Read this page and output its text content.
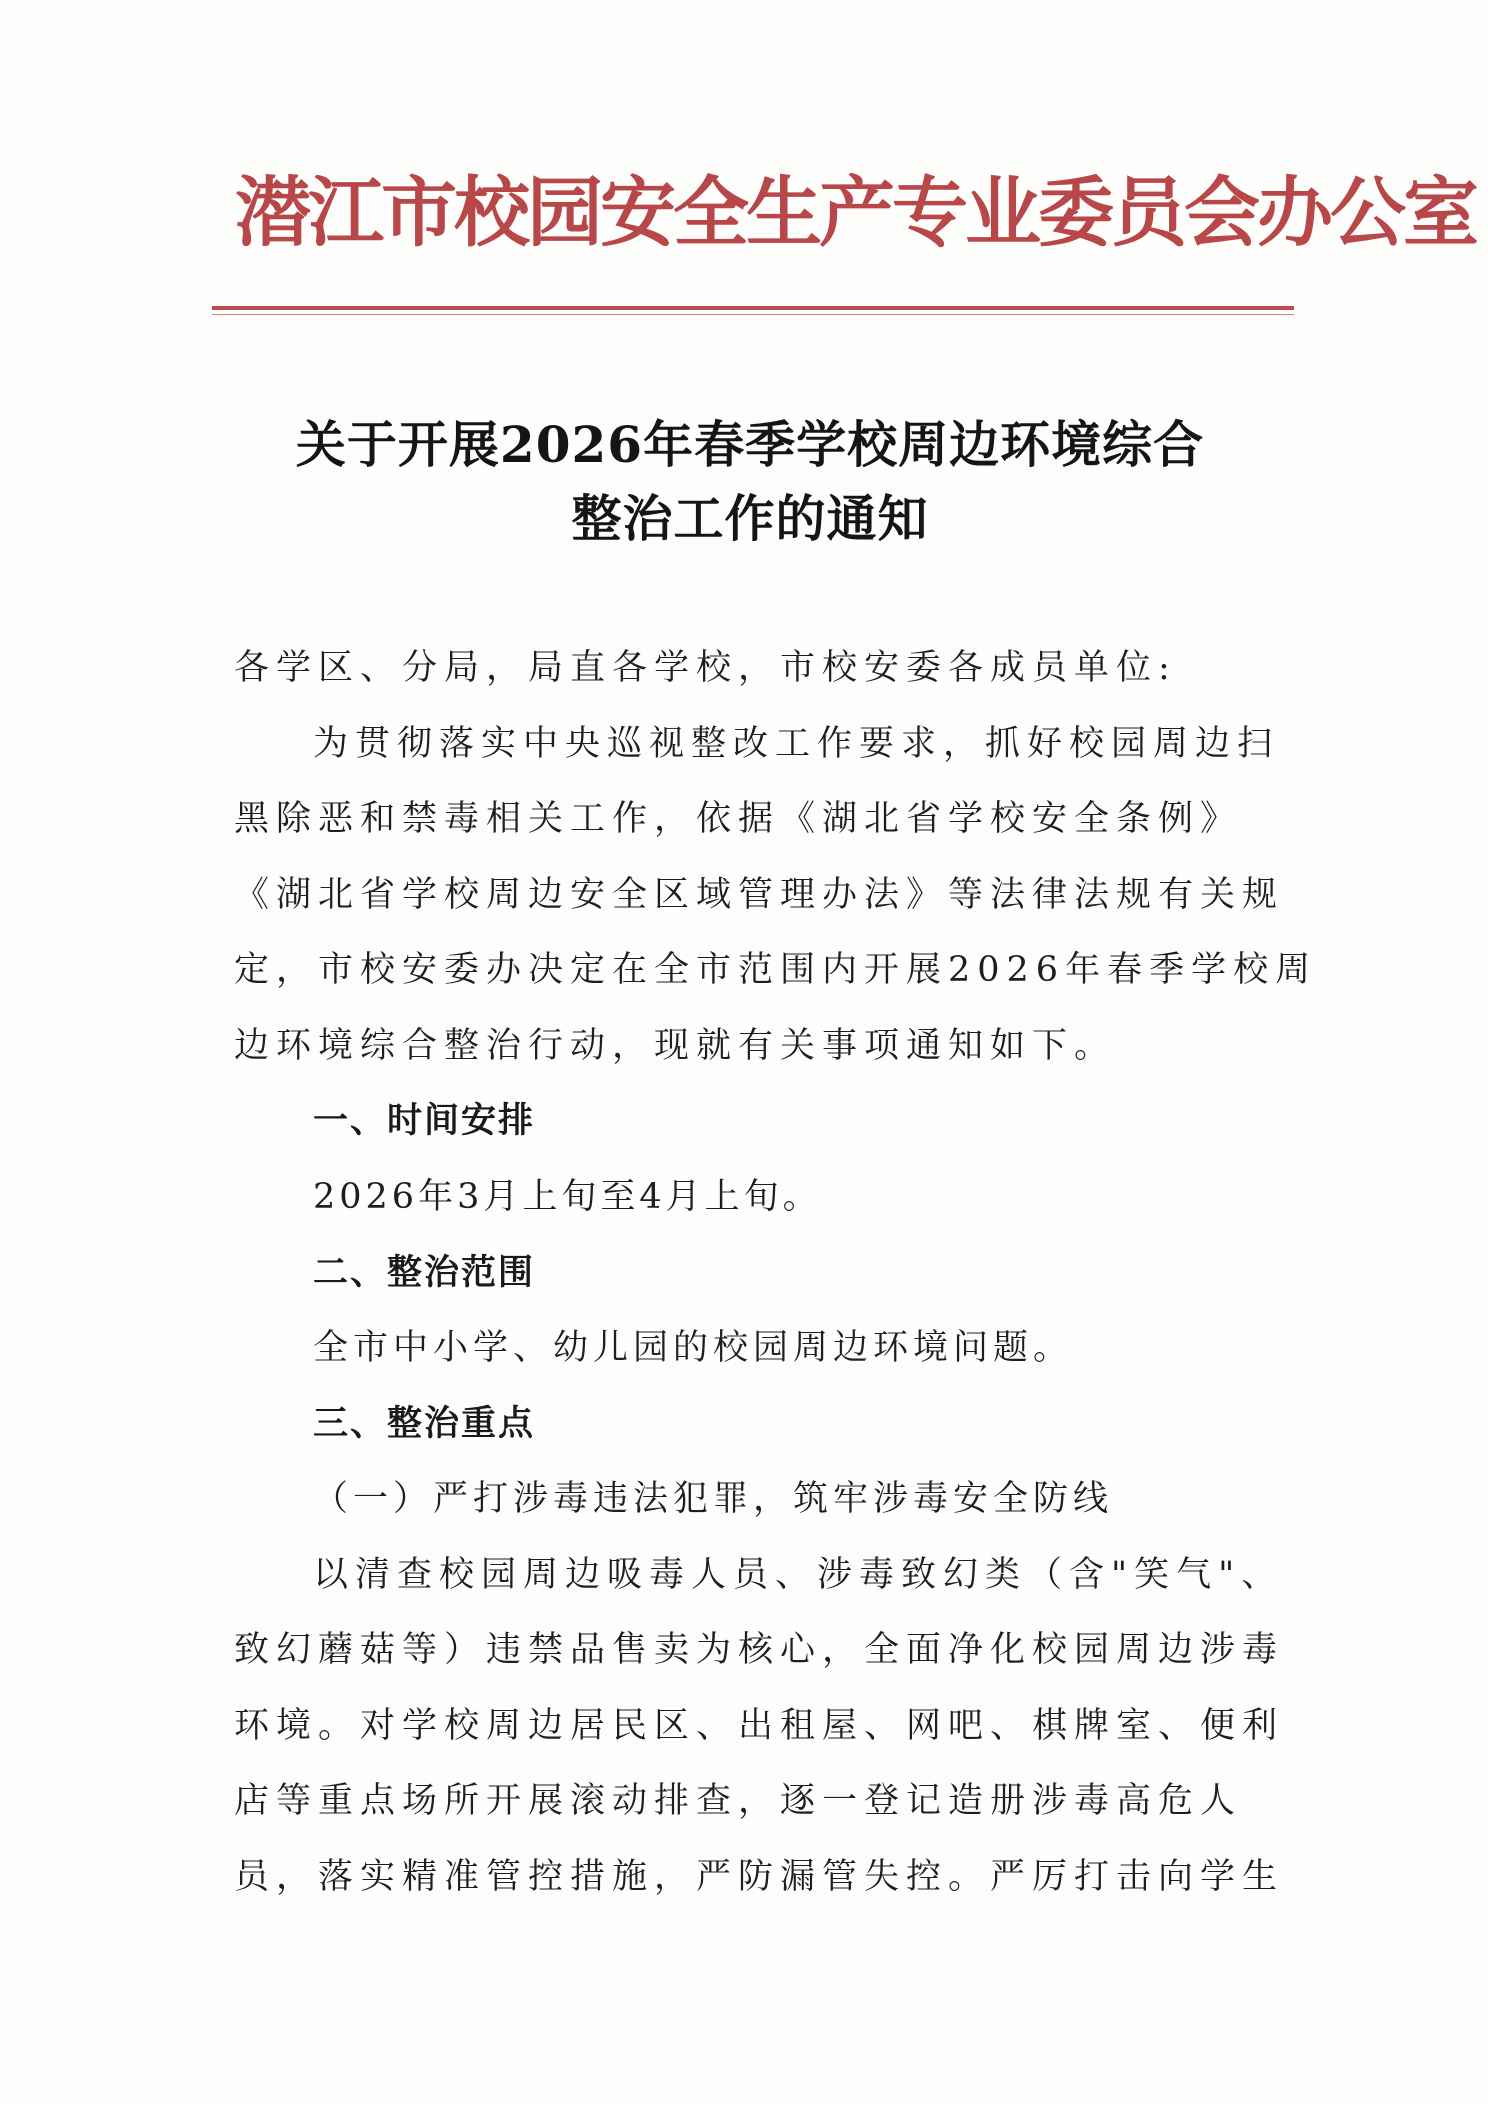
潜江市校园安全生产专业委员会办公室
关于开展2026年春季学校周边环境综合
整治工作的通知
各学区、分局，局直各学校，市校安委各成员单位:
为贯彻落实中央巡视整改工作要求，抓好校园周边扫
黑除恶和禁毒相关工作，依据《湖北省学校安全条例》
《湖北省学校周边安全区域管理办法》等法律法规有关规
定，市校安委办决定在全市范围内开展2026年春季学校周
边环境综合整治行动，现就有关事项通知如下。
一、时间安排
2026年3月上旬至4月上旬。
二、整治范围
全市中小学、幼儿园的校园周边环境问题。
三、整治重点
（一）严打涉毒违法犯罪，筑牢涉毒安全防线
以清查校园周边吸毒人员、涉毒致幻类（含"笑气"、
致幻蘑菇等）违禁品售卖为核心，全面净化校园周边涉毒
环境。对学校周边居民区、出租屋、网吧、棋牌室、便利
店等重点场所开展滚动排查，逐一登记造册涉毒高危人
员，落实精准管控措施，严防漏管失控。严厉打击向学生
